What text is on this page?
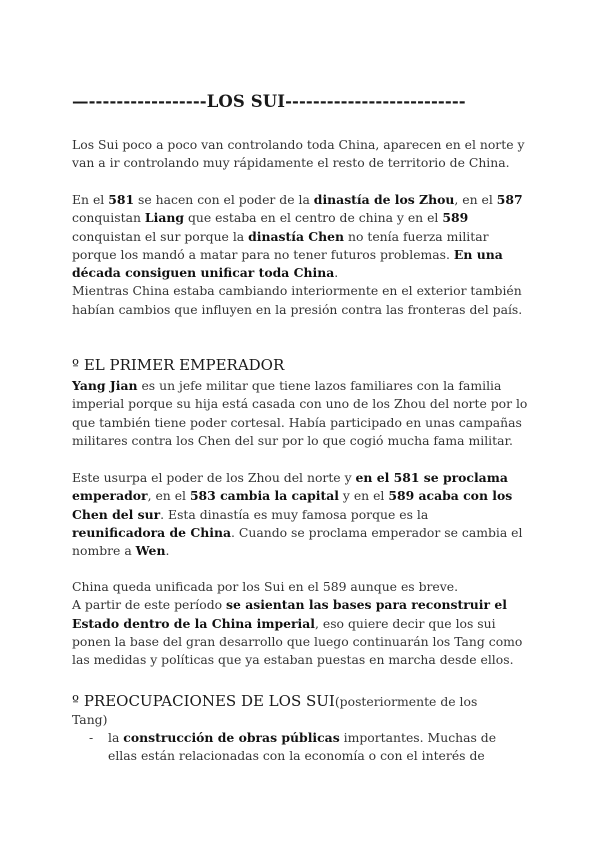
—-----------------LOS SUI--------------------------

Los Sui poco a poco van controlando toda China, aparecen en el norte y
van a ir controlando muy rápidamente el resto de territorio de China.

En el 581 se hacen con el poder de la dinastía de los Zhou, en el 587
conquistan Liang que estaba en el centro de china y en el 589
conquistan el sur porque la dinastía Chen no tenía fuerza militar
porque los mandó a matar para no tener futuros problemas. En una
década consiguen unificar toda China.
Mientras China estaba cambiando interiormente en el exterior también
habían cambios que influyen en la presión contra las fronteras del país.

º EL PRIMER EMPERADOR

Yang Jian es un jefe militar que tiene lazos familiares con la familia
imperial porque su hija está casada con uno de los Zhou del norte por lo
que también tiene poder cortesal. Había participado en unas campañas
militares contra los Chen del sur por lo que cogió mucha fama militar.

Este usurpa el poder de los Zhou del norte y en el 581 se proclama
emperador, en el 583 cambia la capital y en el 589 acaba con los
Chen del sur. Esta dinastía es muy famosa porque es la
reunificadora de China. Cuando se proclama emperador se cambia el
nombre a Wen.

China queda unificada por los Sui en el 589 aunque es breve.
A partir de este período se asientan las bases para reconstruir el
Estado dentro de la China imperial, eso quiere decir que los sui
ponen la base del gran desarrollo que luego continuarán los Tang como
las medidas y políticas que ya estaban puestas en marcha desde ellos.

º PREOCUPACIONES DE LOS SUI(posteriormente de los

Tang)

- la construcción de obras públicas importantes. Muchas de
ellas están relacionadas con la economía o con el interés de
